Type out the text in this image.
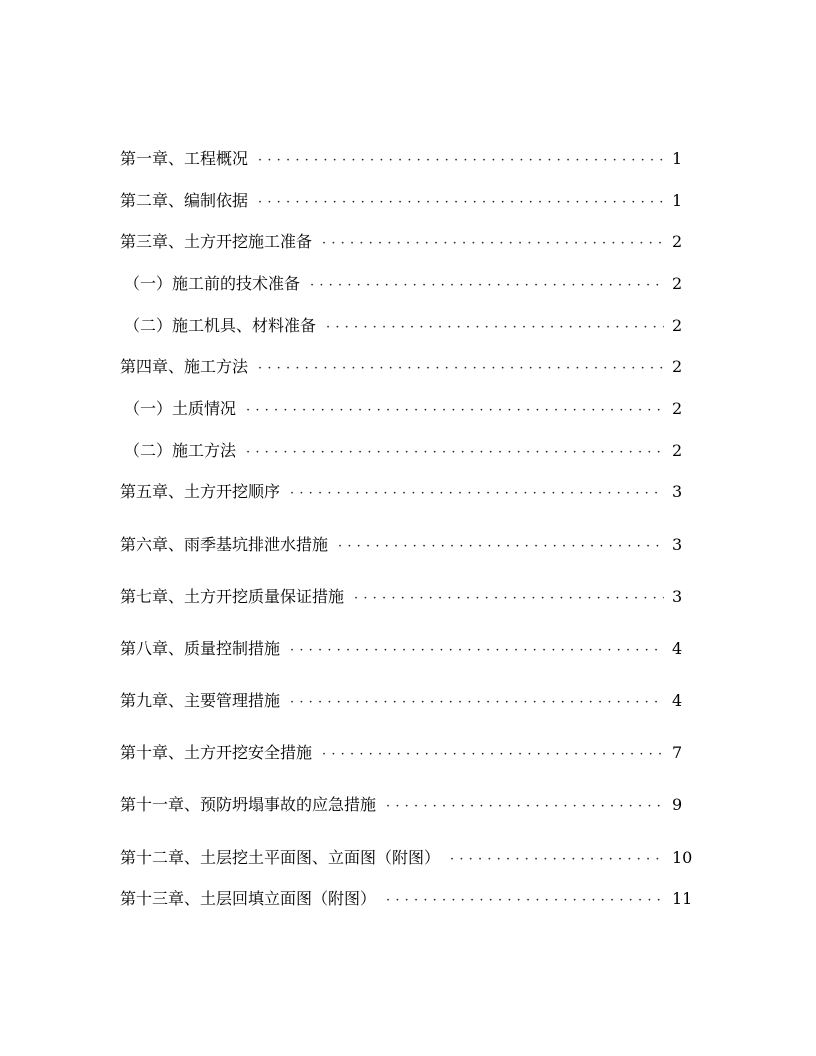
第一章、工程概况 ·····	1
第二章、编制依据 ·····	1
第三章、土方开挖施工准备 ·····	2
（一）施工前的技术准备 ·····	2
（二）施工机具、材料准备 ·····	2
第四章、施工方法 ·····	2
（一）土质情况 ·····	2
（二）施工方法 ·····	2
第五章、土方开挖顺序 ·····	3
第六章、雨季基坑排泄水措施 ·····	3
第七章、土方开挖质量保证措施 ·····	3
第八章、质量控制措施 ·····	4
第九章、主要管理措施 ·····	4
第十章、土方开挖安全措施 ·····	7
第十一章、预防坍塌事故的应急措施 ·····	9
第十二章、土层挖土平面图、立面图（附图） ·····	10
第十三章、土层回填立面图（附图） ·····	11
